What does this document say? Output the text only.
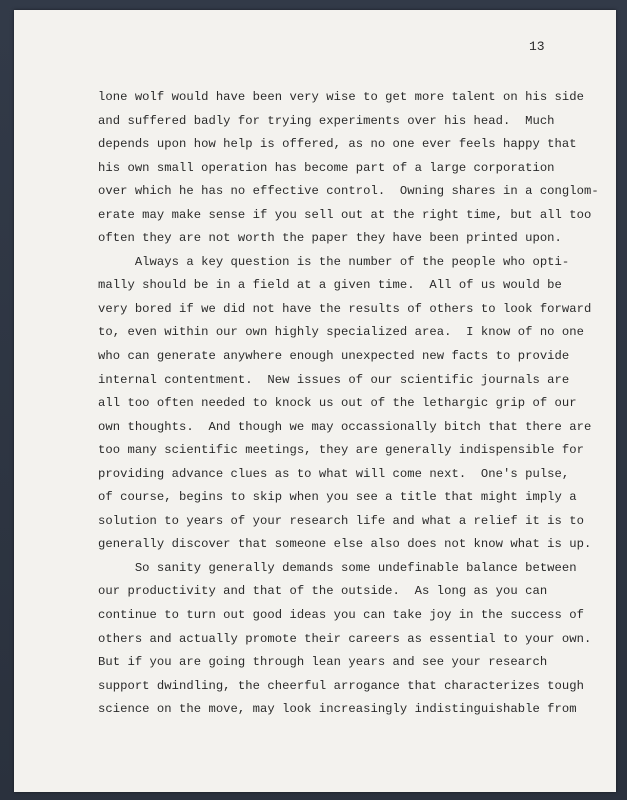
13

lone wolf would have been very wise to get more talent on his side
and suffered badly for trying experiments over his head.  Much
depends upon how help is offered, as no one ever feels happy that
his own small operation has become part of a large corporation
over which he has no effective control.  Owning shares in a conglom-
erate may make sense if you sell out at the right time, but all too
often they are not worth the paper they have been printed upon.
Always a key question is the number of the people who opti-
mally should be in a field at a given time.  All of us would be
very bored if we did not have the results of others to look forward
to, even within our own highly specialized area.  I know of no one
who can generate anywhere enough unexpected new facts to provide
internal contentment.  New issues of our scientific journals are
all too often needed to knock us out of the lethargic grip of our
own thoughts.  And though we may occassionally bitch that there are
too many scientific meetings, they are generally indispensible for
providing advance clues as to what will come next.  One's pulse,
of course, begins to skip when you see a title that might imply a
solution to years of your research life and what a relief it is to
generally discover that someone else also does not know what is up.
So sanity generally demands some undefinable balance between
our productivity and that of the outside.  As long as you can
continue to turn out good ideas you can take joy in the success of
others and actually promote their careers as essential to your own.
But if you are going through lean years and see your research
support dwindling, the cheerful arrogance that characterizes tough
science on the move, may look increasingly indistinguishable from
